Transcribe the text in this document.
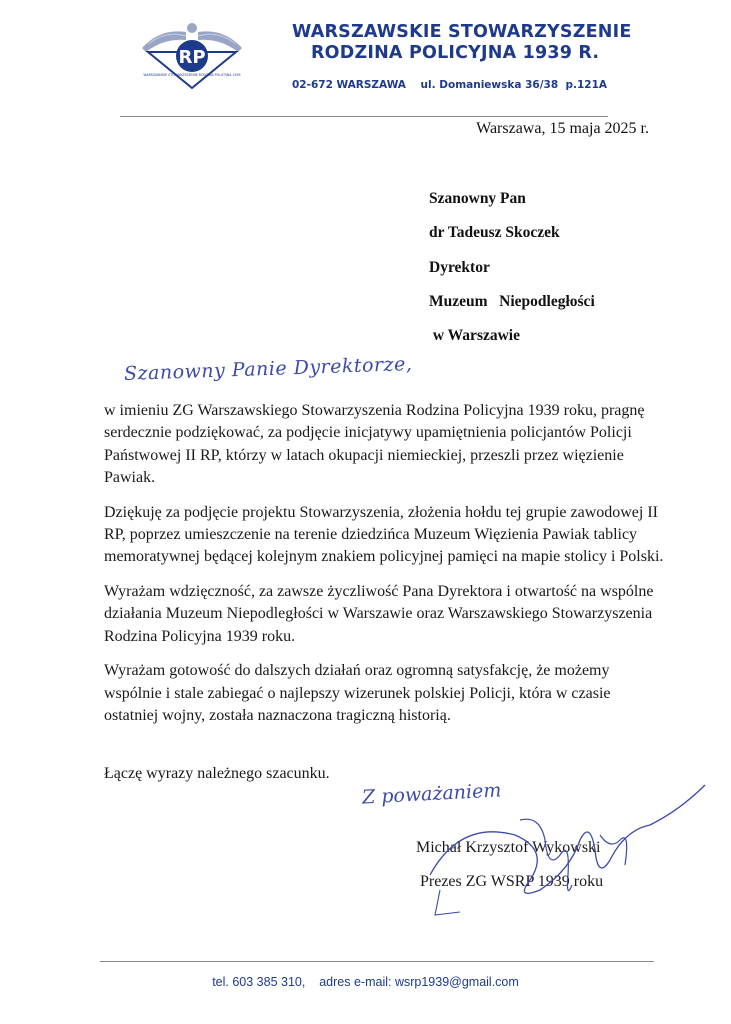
RP
WARSZAWSKIE STOWARZYSZENIE RODZINA POLICYJNA 1939
WARSZAWSKIE STOWARZYSZENIE
RODZINA POLICYJNA 1939 R.
02-672 WARSZAWA    ul. Domaniewska 36/38  p.121A
Warszawa, 15 maja 2025 r.
Szanowny Pan
dr Tadeusz Skoczek
Dyrektor
Muzeum   Niepodległości
w Warszawie
Szanowny Panie Dyrektorze,

w imieniu ZG Warszawskiego Stowarzyszenia Rodzina Policyjna 1939 roku, pragnę serdecznie podziękować, za podjęcie inicjatywy upamiętnienia policjantów Policji Państwowej II RP, którzy w latach okupacji niemieckiej, przeszli przez więzienie Pawiak.

Dziękuję za podjęcie projektu Stowarzyszenia, złożenia hołdu tej grupie zawodowej II RP, poprzez umieszczenie na terenie dziedzińca Muzeum Więzienia Pawiak tablicy memoratywnej będącej kolejnym znakiem policyjnej pamięci na mapie stolicy i Polski.

Wyrażam wdzięczność, za zawsze życzliwość Pana Dyrektora i otwartość na wspólne działania Muzeum Niepodległości w Warszawie oraz Warszawskiego Stowarzyszenia Rodzina Policyjna 1939 roku.

Wyrażam gotowość do dalszych działań oraz ogromną satysfakcję, że możemy wspólnie i stale zabiegać o najlepszy wizerunek polskiej Policji, która w czasie ostatniej wojny, została naznaczona tragiczną historią.

Łączę wyrazy należnego szacunku.
Z poważaniem
Michał Krzysztof Wykowski
Prezes ZG WSRP 1939 roku
tel. 603 385 310,    adres e-mail: wsrp1939@gmail.com
